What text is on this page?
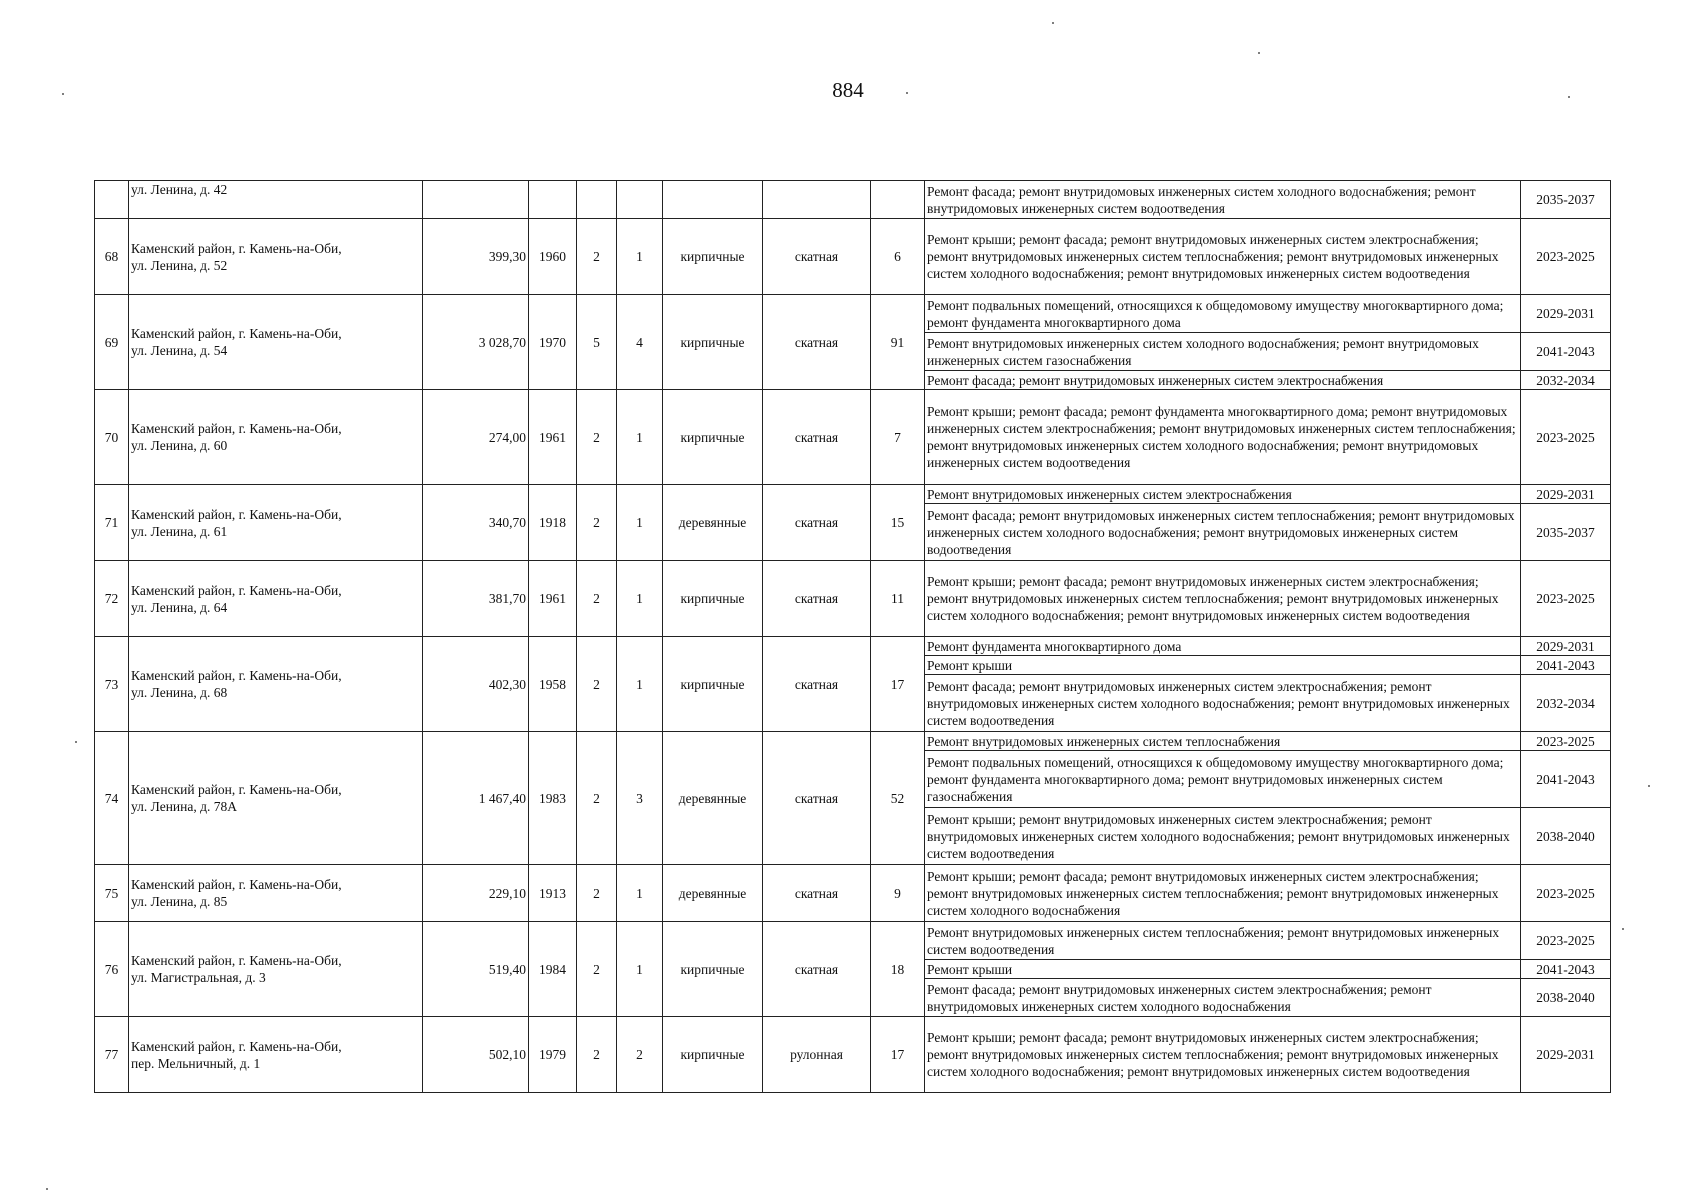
884

	ул. Ленина, д. 42								Ремонт фасада; ремонт внутридомовых инженерных систем холодного водоснабжения; ремонт внутридомовых инженерных систем водоотведения	2035-2037
68	Каменский район, г. Камень-на-Оби,
ул. Ленина, д. 52	399,30	1960	2	1	кирпичные	скатная	6	Ремонт крыши; ремонт фасада; ремонт внутридомовых инженерных систем электроснабжения; ремонт внутридомовых инженерных систем теплоснабжения; ремонт внутридомовых инженерных систем холодного водоснабжения; ремонт внутридомовых инженерных систем водоотведения	2023-2025
69	Каменский район, г. Камень-на-Оби,
ул. Ленина, д. 54	3 028,70	1970	5	4	кирпичные	скатная	91	Ремонт подвальных помещений, относящихся к общедомовому имуществу многоквартирного дома; ремонт фундамента многоквартирного дома	2029-2031
									Ремонт внутридомовых инженерных систем холодного водоснабжения; ремонт внутридомовых инженерных систем газоснабжения	2041-2043
									Ремонт фасада; ремонт внутридомовых инженерных систем электроснабжения	2032-2034
70	Каменский район, г. Камень-на-Оби,
ул. Ленина, д. 60	274,00	1961	2	1	кирпичные	скатная	7	Ремонт крыши; ремонт фасада; ремонт фундамента многоквартирного дома; ремонт внутридомовых инженерных систем электроснабжения; ремонт внутридомовых инженерных систем теплоснабжения; ремонт внутридомовых инженерных систем холодного водоснабжения; ремонт внутридомовых инженерных систем водоотведения	2023-2025
71	Каменский район, г. Камень-на-Оби,
ул. Ленина, д. 61	340,70	1918	2	1	деревянные	скатная	15	Ремонт внутридомовых инженерных систем электроснабжения	2029-2031
									Ремонт фасада; ремонт внутридомовых инженерных систем теплоснабжения; ремонт внутридомовых инженерных систем холодного водоснабжения; ремонт внутридомовых инженерных систем водоотведения	2035-2037
72	Каменский район, г. Камень-на-Оби,
ул. Ленина, д. 64	381,70	1961	2	1	кирпичные	скатная	11	Ремонт крыши; ремонт фасада; ремонт внутридомовых инженерных систем электроснабжения; ремонт внутридомовых инженерных систем теплоснабжения; ремонт внутридомовых инженерных систем холодного водоснабжения; ремонт внутридомовых инженерных систем водоотведения	2023-2025
73	Каменский район, г. Камень-на-Оби,
ул. Ленина, д. 68	402,30	1958	2	1	кирпичные	скатная	17	Ремонт фундамента многоквартирного дома	2029-2031
									Ремонт крыши	2041-2043
									Ремонт фасада; ремонт внутридомовых инженерных систем электроснабжения; ремонт внутридомовых инженерных систем холодного водоснабжения; ремонт внутридомовых инженерных систем водоотведения	2032-2034
74	Каменский район, г. Камень-на-Оби,
ул. Ленина, д. 78А	1 467,40	1983	2	3	деревянные	скатная	52	Ремонт внутридомовых инженерных систем теплоснабжения	2023-2025
									Ремонт подвальных помещений, относящихся к общедомовому имуществу многоквартирного дома; ремонт фундамента многоквартирного дома; ремонт внутридомовых инженерных систем газоснабжения	2041-2043
									Ремонт крыши; ремонт внутридомовых инженерных систем электроснабжения; ремонт внутридомовых инженерных систем холодного водоснабжения; ремонт внутридомовых инженерных систем водоотведения	2038-2040
75	Каменский район, г. Камень-на-Оби,
ул. Ленина, д. 85	229,10	1913	2	1	деревянные	скатная	9	Ремонт крыши; ремонт фасада; ремонт внутридомовых инженерных систем электроснабжения; ремонт внутридомовых инженерных систем теплоснабжения; ремонт внутридомовых инженерных систем холодного водоснабжения	2023-2025
76	Каменский район, г. Камень-на-Оби,
ул. Магистральная, д. 3	519,40	1984	2	1	кирпичные	скатная	18	Ремонт внутридомовых инженерных систем теплоснабжения; ремонт внутридомовых инженерных систем водоотведения	2023-2025
									Ремонт крыши	2041-2043
									Ремонт фасада; ремонт внутридомовых инженерных систем электроснабжения; ремонт внутридомовых инженерных систем холодного водоснабжения	2038-2040
77	Каменский район, г. Камень-на-Оби,
пер. Мельничный, д. 1	502,10	1979	2	2	кирпичные	рулонная	17	Ремонт крыши; ремонт фасада; ремонт внутридомовых инженерных систем электроснабжения; ремонт внутридомовых инженерных систем теплоснабжения; ремонт внутридомовых инженерных систем холодного водоснабжения; ремонт внутридомовых инженерных систем водоотведения	2029-2031
